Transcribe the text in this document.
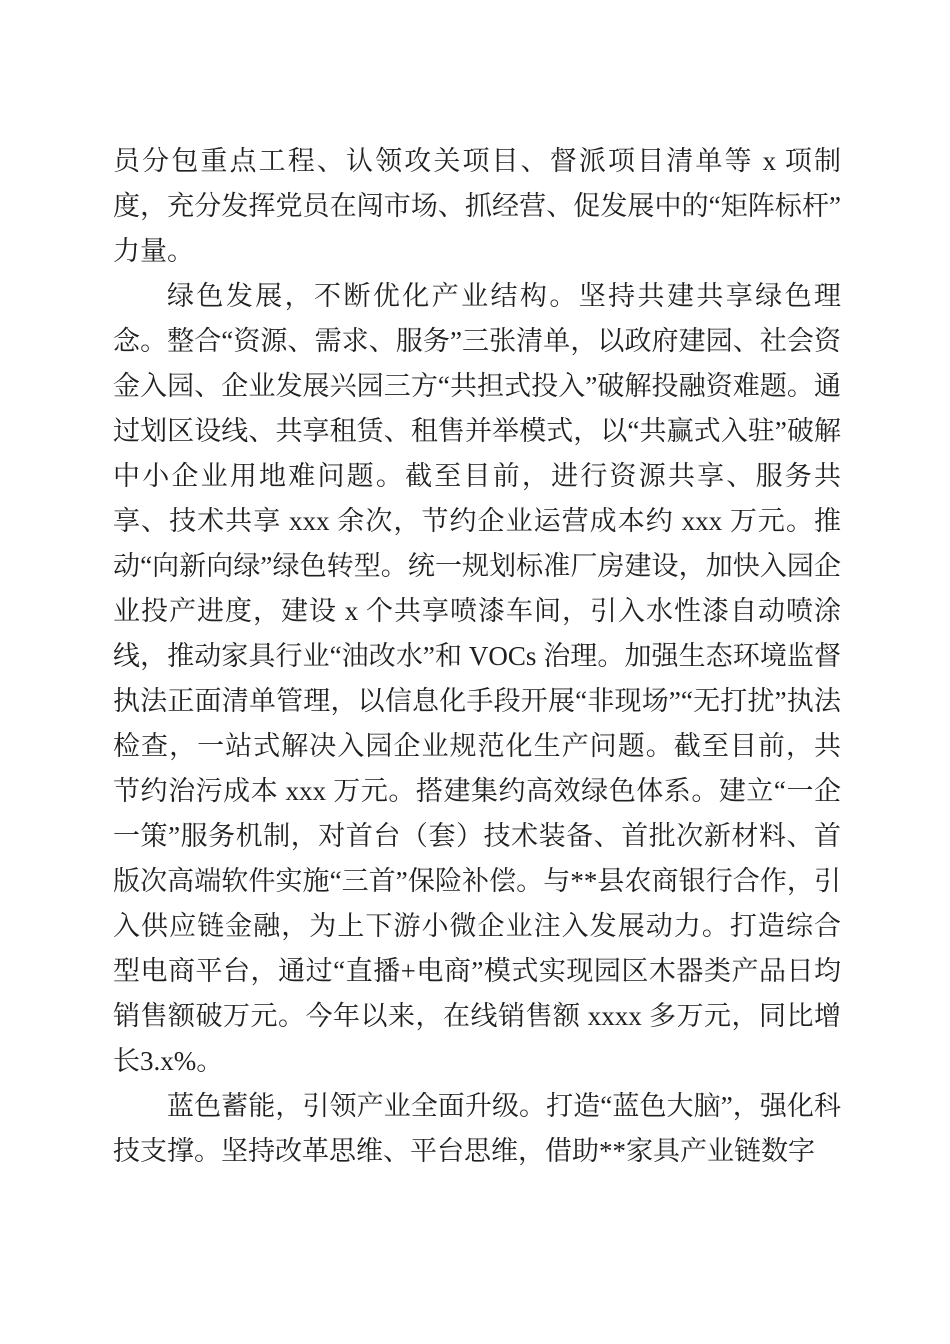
员分包重点工程、认领攻关项目、督派项目清单等 x 项制度，充分发挥党员在闯市场、抓经营、促发展中的“矩阵标杆”力量。

绿色发展，不断优化产业结构。坚持共建共享绿色理念。整合“资源、需求、服务”三张清单，以政府建园、社会资金入园、企业发展兴园三方“共担式投入”破解投融资难题。通过划区设线、共享租赁、租售并举模式，以“共赢式入驻”破解中小企业用地难问题。截至目前，进行资源共享、服务共享、技术共享 xxx 余次，节约企业运营成本约 xxx 万元。推动“向新向绿”绿色转型。统一规划标准厂房建设，加快入园企业投产进度，建设 x 个共享喷漆车间，引入水性漆自动喷涂线，推动家具行业“油改水”和 VOCs 治理。加强生态环境监督执法正面清单管理，以信息化手段开展“非现场”“无打扰”执法检查，一站式解决入园企业规范化生产问题。截至目前，共节约治污成本 xxx 万元。搭建集约高效绿色体系。建立“一企一策”服务机制，对首台（套）技术装备、首批次新材料、首版次高端软件实施“三首”保险补偿。与**县农商银行合作，引入供应链金融，为上下游小微企业注入发展动力。打造综合型电商平台，通过“直播+电商”模式实现园区木器类产品日均销售额破万元。今年以来，在线销售额 xxxx 多万元，同比增长3.x%。

蓝色蓄能，引领产业全面升级。打造“蓝色大脑”，强化科技支撑。坚持改革思维、平台思维，借助**家具产业链数字
